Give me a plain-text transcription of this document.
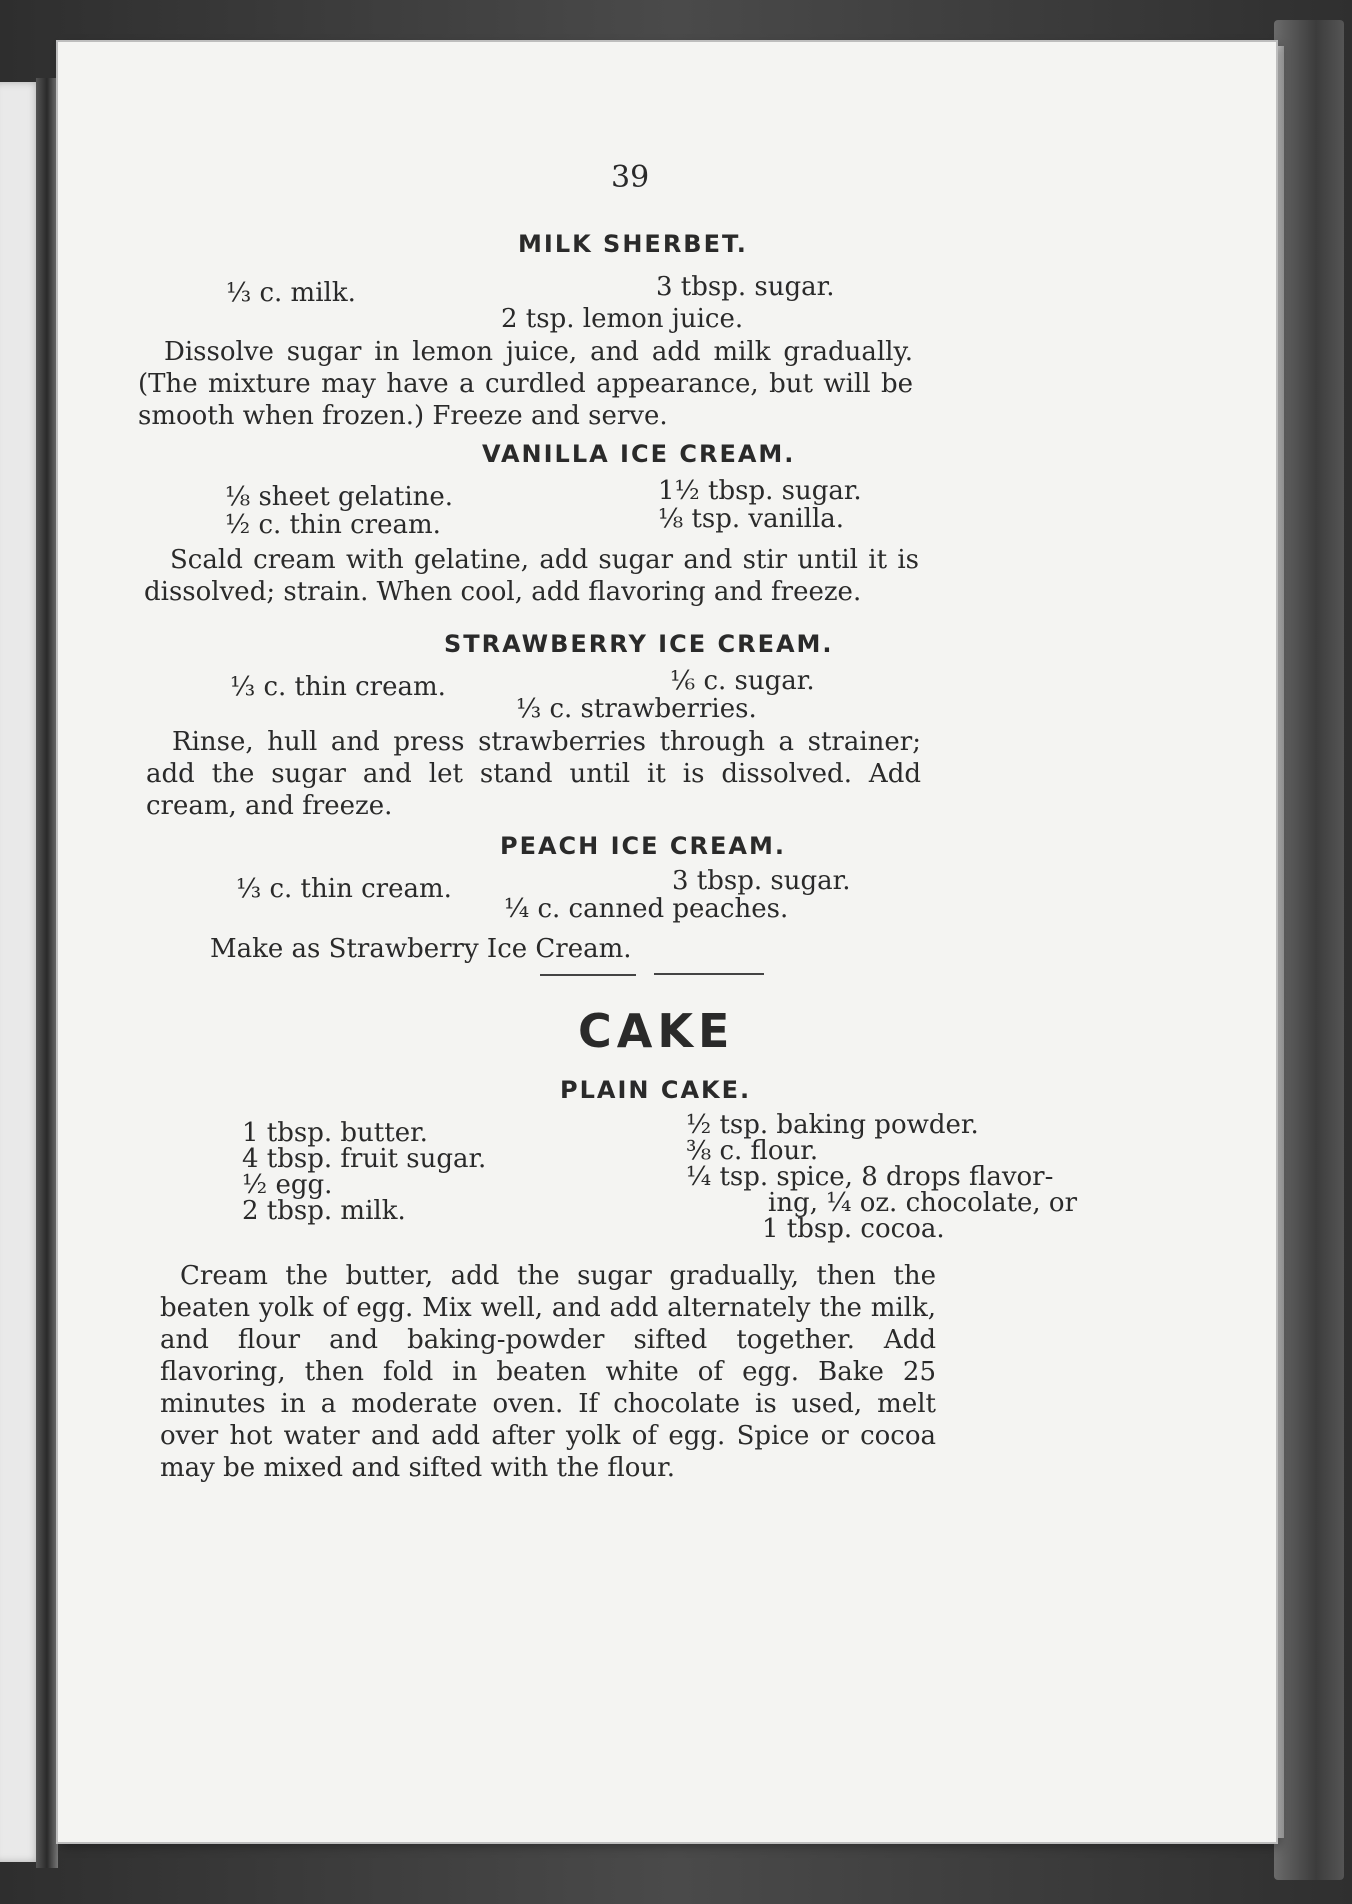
39
MILK SHERBET.
⅓ c. milk.	3 tbsp. sugar.
2 tsp. lemon juice.
Dissolve sugar in lemon juice, and add milk gradually. (The mixture may have a curdled appearance, but will be smooth when frozen.) Freeze and serve.
VANILLA ICE CREAM.
⅛ sheet gelatine.
½ c. thin cream.
1½ tbsp. sugar.
⅛ tsp. vanilla.
Scald cream with gelatine, add sugar and stir until it is dissolved; strain. When cool, add flavoring and freeze.
STRAWBERRY ICE CREAM.
⅓ c. thin cream.	⅙ c. sugar.
⅓ c. strawberries.
Rinse, hull and press strawberries through a strainer; add the sugar and let stand until it is dissolved. Add cream, and freeze.
PEACH ICE CREAM.
⅓ c. thin cream.	3 tbsp. sugar.
¼ c. canned peaches.
Make as Strawberry Ice Cream.
CAKE
PLAIN CAKE.
1 tbsp. butter.
4 tbsp. fruit sugar.
½ egg.
2 tbsp. milk.
½ tsp. baking powder.
⅜ c. flour.
¼ tsp. spice, 8 drops flavor-
ing, ¼ oz. chocolate, or
1 tbsp. cocoa.
Cream the butter, add the sugar gradually, then the beaten yolk of egg. Mix well, and add alternately the milk, and flour and baking-powder sifted together. Add flavoring, then fold in beaten white of egg. Bake 25 minutes in a moderate oven. If chocolate is used, melt over hot water and add after yolk of egg. Spice or cocoa may be mixed and sifted with the flour.
